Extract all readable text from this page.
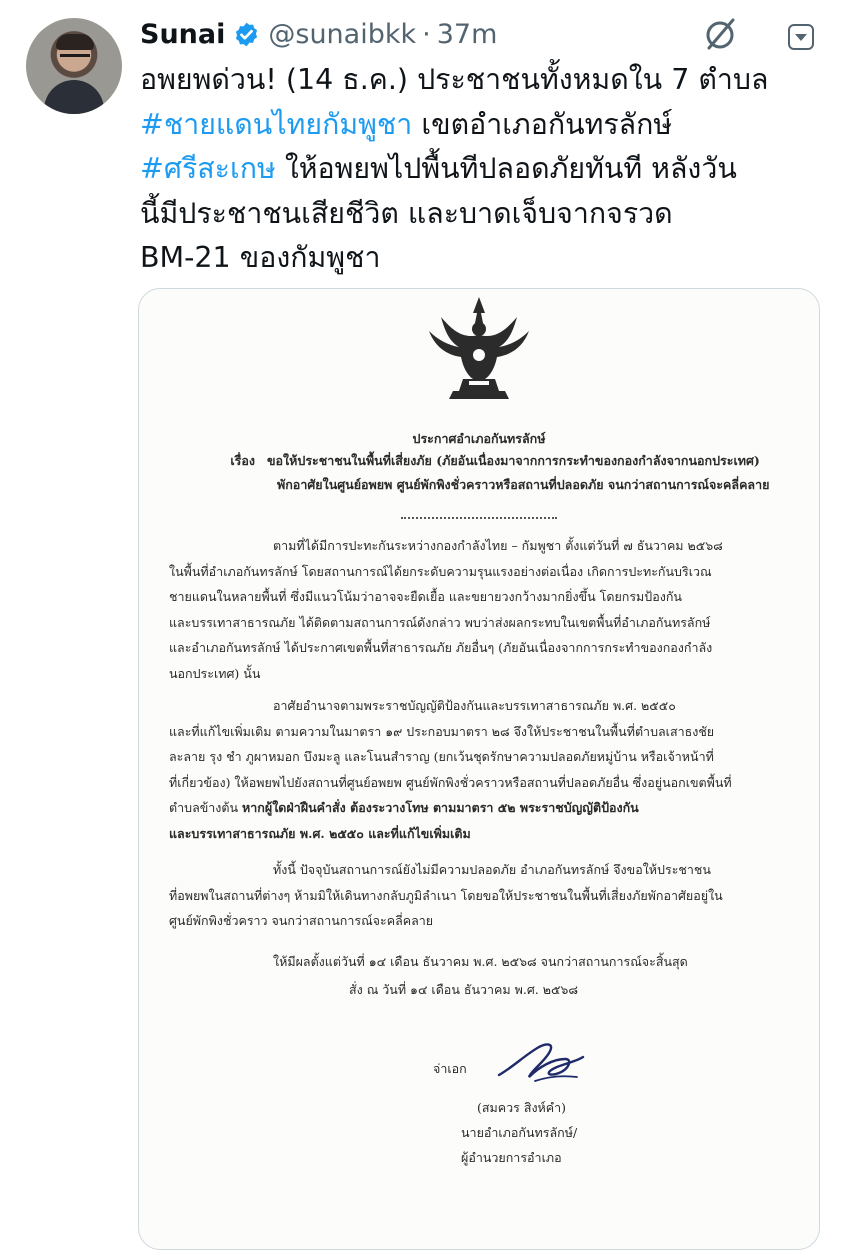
Sunai @sunaibkk · 37m
อพยพด่วน! (14 ธ.ค.) ประชาชนทั้งหมดใน 7 ตำบล
#ชายแดนไทยกัมพูชา เขตอำเภอกันทรลักษ์
#ศรีสะเกษ ให้อพยพไปพื้นทีปลอดภัยทันที หลังวัน
นี้มีประชาชนเสียชีวิต และบาดเจ็บจากจรวด
BM-21 ของกัมพูชา
ประกาศอำเภอกันทรลักษ์
เรื่อง ขอให้ประชาชนในพื้นที่เสี่ยงภัย (ภัยอันเนื่องมาจากการกระทำของกองกำลังจากนอกประเทศ)
พักอาศัยในศูนย์อพยพ ศูนย์พักพิงชั่วคราวหรือสถานที่ปลอดภัย จนกว่าสถานการณ์จะคลี่คลาย
ตามที่ได้มีการปะทะกันระหว่างกองกำลังไทย – กัมพูชา ตั้งแต่วันที่ ๗ ธันวาคม ๒๕๖๘
ในพื้นที่อำเภอกันทรลักษ์ โดยสถานการณ์ได้ยกระดับความรุนแรงอย่างต่อเนื่อง เกิดการปะทะกันบริเวณ
ชายแดนในหลายพื้นที่ ซึ่งมีแนวโน้มว่าอาจจะยืดเยื้อ และขยายวงกว้างมากยิ่งขึ้น โดยกรมป้องกัน
และบรรเทาสาธารณภัย ได้ติดตามสถานการณ์ดังกล่าว พบว่าส่งผลกระทบในเขตพื้นที่อำเภอกันทรลักษ์
และอำเภอกันทรลักษ์ ได้ประกาศเขตพื้นที่สาธารณภัย ภัยอื่นๆ (ภัยอันเนื่องจากการกระทำของกองกำลัง
นอกประเทศ) นั้น
อาศัยอำนาจตามพระราชบัญญัติป้องกันและบรรเทาสาธารณภัย พ.ศ. ๒๕๕๐
และที่แก้ไขเพิ่มเติม ตามความในมาตรา ๑๙ ประกอบมาตรา ๒๘ จึงให้ประชาชนในพื้นที่ตำบลเสาธงชัย
ละลาย รุง ชำ ภูผาหมอก บึงมะลู และโนนสำราญ (ยกเว้นชุดรักษาความปลอดภัยหมู่บ้าน หรือเจ้าหน้าที่
ที่เกี่ยวข้อง) ให้อพยพไปยังสถานที่ศูนย์อพยพ ศูนย์พักพิงชั่วคราวหรือสถานที่ปลอดภัยอื่น ซึ่งอยู่นอกเขตพื้นที่
ตำบลข้างต้น หากผู้ใดฝ่าฝืนคำสั่ง ต้องระวางโทษ ตามมาตรา ๕๒ พระราชบัญญัติป้องกัน
และบรรเทาสาธารณภัย พ.ศ. ๒๕๕๐ และที่แก้ไขเพิ่มเติม
ทั้งนี้ ปัจจุบันสถานการณ์ยังไม่มีความปลอดภัย อำเภอกันทรลักษ์ จึงขอให้ประชาชน
ที่อพยพในสถานที่ต่างๆ ห้ามมิให้เดินทางกลับภูมิลำเนา โดยขอให้ประชาชนในพื้นที่เสี่ยงภัยพักอาศัยอยู่ใน
ศูนย์พักพิงชั่วคราว จนกว่าสถานการณ์จะคลี่คลาย
ให้มีผลตั้งแต่วันที่ ๑๔ เดือน ธันวาคม พ.ศ. ๒๕๖๘ จนกว่าสถานการณ์จะสิ้นสุด
สั่ง ณ วันที่ ๑๔ เดือน ธันวาคม พ.ศ. ๒๕๖๘
จ่าเอก
(สมควร สิงห์คำ)
นายอำเภอกันทรลักษ์/
ผู้อำนวยการอำเภอ
